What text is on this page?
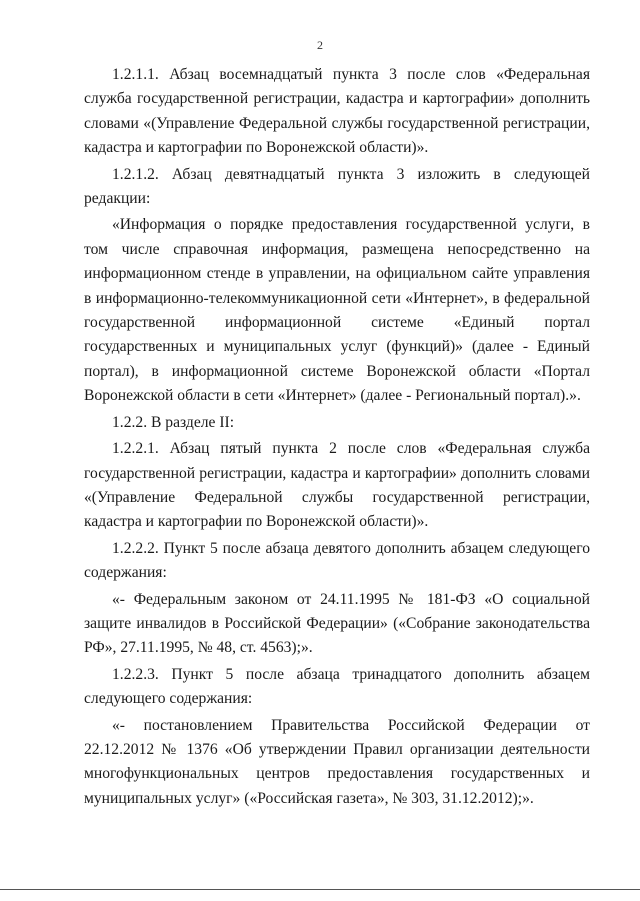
2

1.2.1.1. Абзац восемнадцатый пункта 3 после слов «Федеральная служба государственной регистрации, кадастра и картографии» дополнить словами «(Управление Федеральной службы государственной регистрации, кадастра и картографии по Воронежской области)».

1.2.1.2. Абзац девятнадцатый пункта 3 изложить в следующей редакции:

«Информация о порядке предоставления государственной услуги, в том числе справочная информация, размещена непосредственно на информационном стенде в управлении, на официальном сайте управления в информационно-телекоммуникационной сети «Интернет», в федеральной государственной информационной системе «Единый портал государственных и муниципальных услуг (функций)» (далее - Единый портал), в информационной системе Воронежской области «Портал Воронежской области в сети «Интернет» (далее - Региональный портал).».

1.2.2. В разделе II:

1.2.2.1. Абзац пятый пункта 2 после слов «Федеральная служба государственной регистрации, кадастра и картографии» дополнить словами «(Управление Федеральной службы государственной регистрации, кадастра и картографии по Воронежской области)».

1.2.2.2. Пункт 5 после абзаца девятого дополнить абзацем следующего содержания:

«- Федеральным законом от 24.11.1995 № 181-ФЗ «О социальной защите инвалидов в Российской Федерации» («Собрание законодательства РФ», 27.11.1995, № 48, ст. 4563);».

1.2.2.3. Пункт 5 после абзаца тринадцатого дополнить абзацем следующего содержания:

«- постановлением Правительства Российской Федерации от 22.12.2012 № 1376 «Об утверждении Правил организации деятельности многофункциональных центров предоставления государственных и муниципальных услуг» («Российская газета», № 303, 31.12.2012);».
